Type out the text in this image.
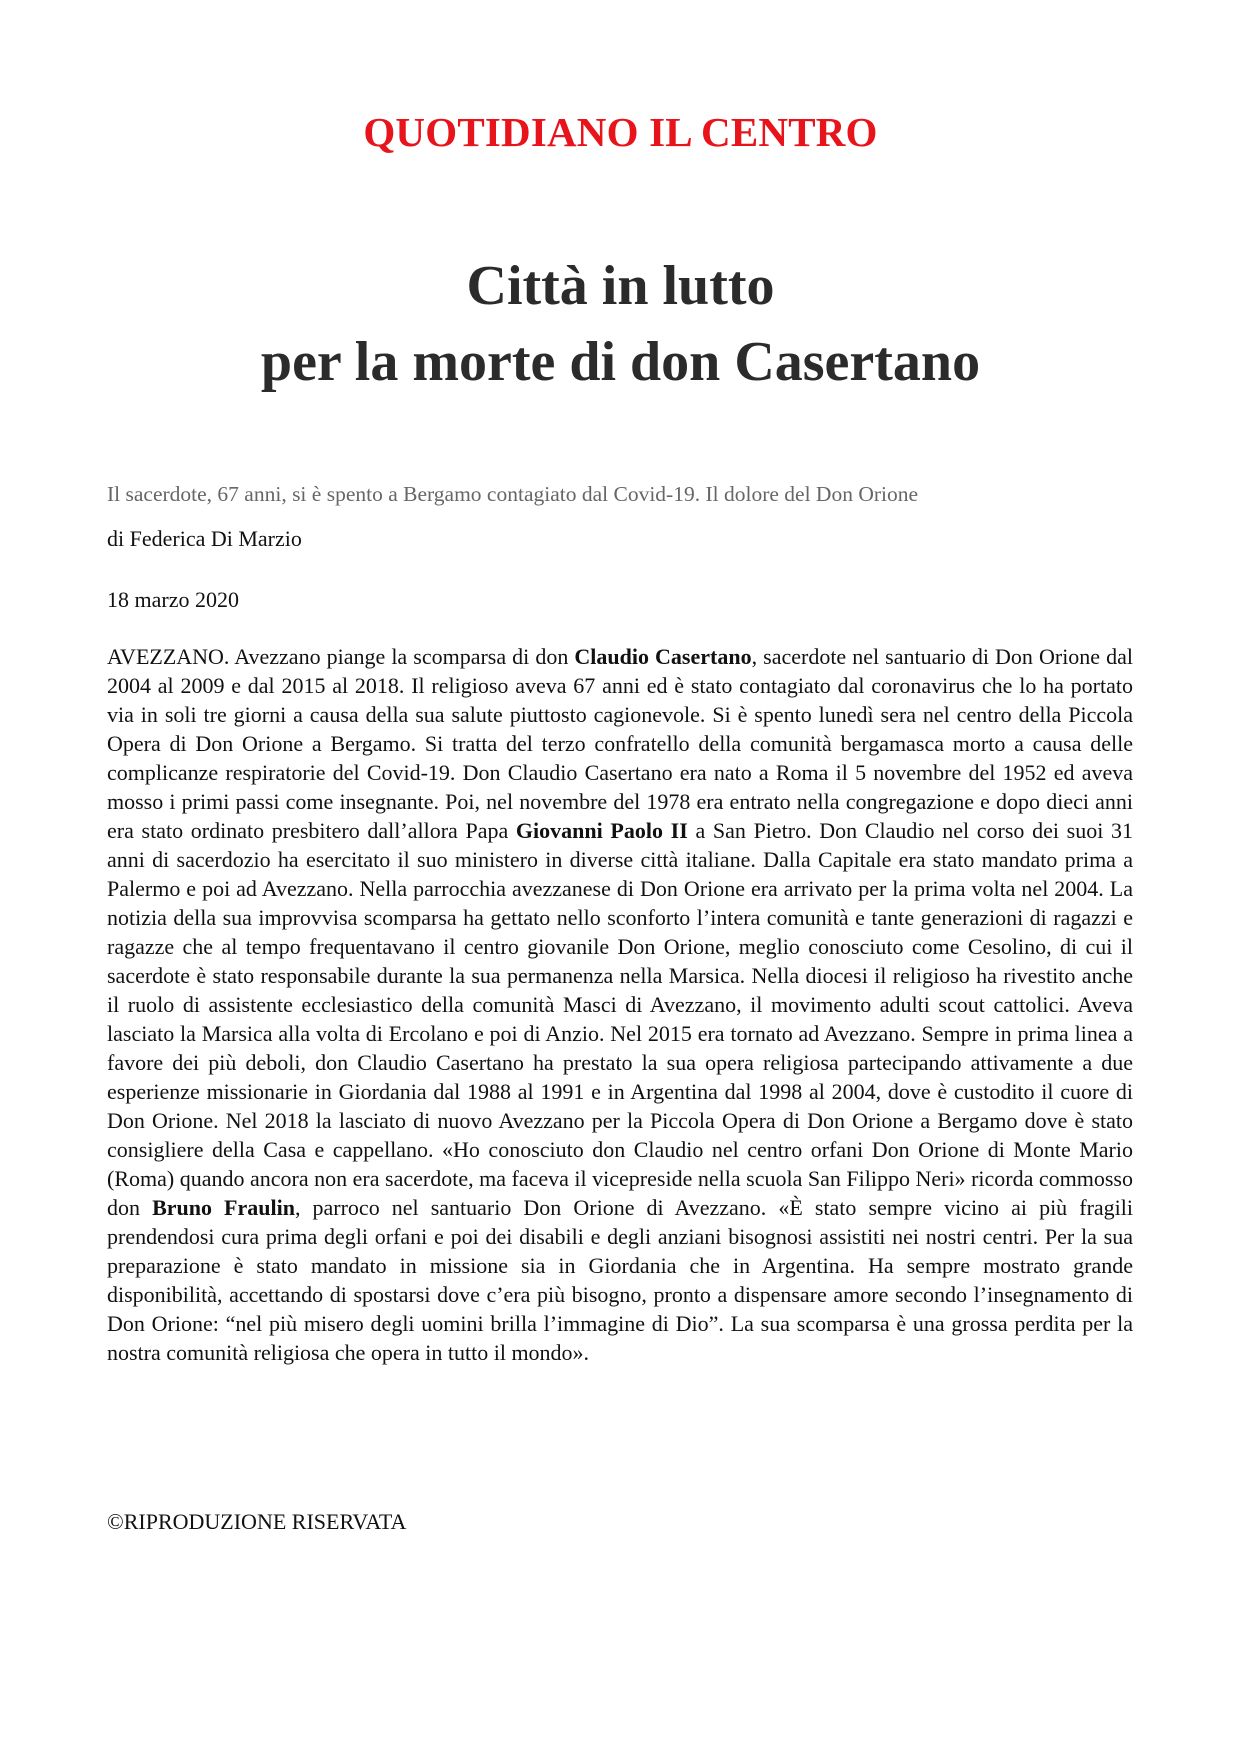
QUOTIDIANO IL CENTRO
Città in lutto
per la morte di don Casertano
Il sacerdote, 67 anni, si è spento a Bergamo contagiato dal Covid-19. Il dolore del Don Orione
di Federica Di Marzio
18 marzo 2020

AVEZZANO. Avezzano piange la scomparsa di don Claudio Casertano, sacerdote nel santuario di Don Orione dal 2004 al 2009 e dal 2015 al 2018. Il religioso aveva 67 anni ed è stato contagiato dal coronavirus che lo ha portato via in soli tre giorni a causa della sua salute piuttosto cagionevole. Si è spento lunedì sera nel centro della Piccola Opera di Don Orione a Bergamo. Si tratta del terzo confratello della comunità bergamasca morto a causa delle complicanze respiratorie del Covid-19. Don Claudio Casertano era nato a Roma il 5 novembre del 1952 ed aveva mosso i primi passi come insegnante. Poi, nel novembre del 1978 era entrato nella congregazione e dopo dieci anni era stato ordinato presbitero dall’allora Papa Giovanni Paolo II a San Pietro. Don Claudio nel corso dei suoi 31 anni di sacerdozio ha esercitato il suo ministero in diverse città italiane. Dalla Capitale era stato mandato prima a Palermo e poi ad Avezzano. Nella parrocchia avezzanese di Don Orione era arrivato per la prima volta nel 2004. La notizia della sua improvvisa scomparsa ha gettato nello sconforto l’intera comunità e tante generazioni di ragazzi e ragazze che al tempo frequentavano il centro giovanile Don Orione, meglio conosciuto come Cesolino, di cui il sacerdote è stato responsabile durante la sua permanenza nella Marsica. Nella diocesi il religioso ha rivestito anche il ruolo di assistente ecclesiastico della comunità Masci di Avezzano, il movimento adulti scout cattolici. Aveva lasciato la Marsica alla volta di Ercolano e poi di Anzio. Nel 2015 era tornato ad Avezzano. Sempre in prima linea a favore dei più deboli, don Claudio Casertano ha prestato la sua opera religiosa partecipando attivamente a due esperienze missionarie in Giordania dal 1988 al 1991 e in Argentina dal 1998 al 2004, dove è custodito il cuore di Don Orione. Nel 2018 la lasciato di nuovo Avezzano per la Piccola Opera di Don Orione a Bergamo dove è stato consigliere della Casa e cappellano. «Ho conosciuto don Claudio nel centro orfani Don Orione di Monte Mario (Roma) quando ancora non era sacerdote, ma faceva il vicepreside nella scuola San Filippo Neri» ricorda commosso don Bruno Fraulin, parroco nel santuario Don Orione di Avezzano. «È stato sempre vicino ai più fragili prendendosi cura prima degli orfani e poi dei disabili e degli anziani bisognosi assistiti nei nostri centri. Per la sua preparazione è stato mandato in missione sia in Giordania che in Argentina. Ha sempre mostrato grande disponibilità, accettando di spostarsi dove c’era più bisogno, pronto a dispensare amore secondo l’insegnamento di Don Orione: “nel più misero degli uomini brilla l’immagine di Dio”. La sua scomparsa è una grossa perdita per la nostra comunità religiosa che opera in tutto il mondo».

©RIPRODUZIONE RISERVATA
